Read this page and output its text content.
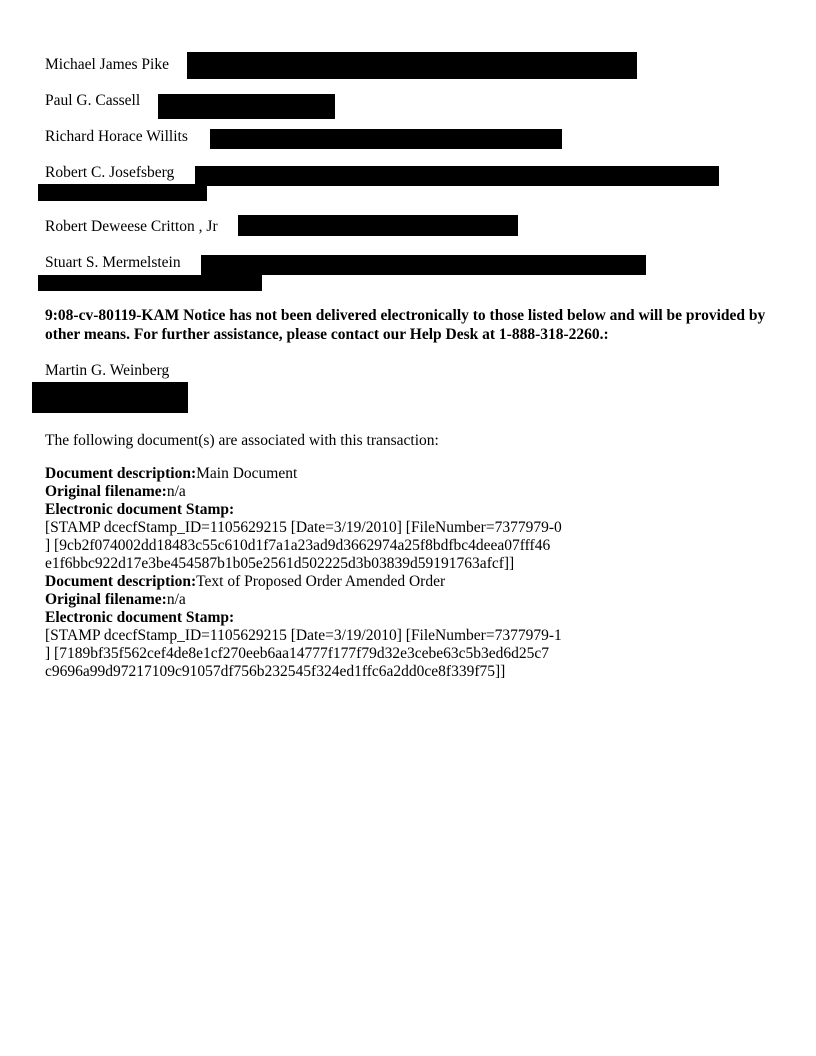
Michael James Pike
Paul G. Cassell
Richard Horace Willits
Robert C. Josefsberg
Robert Deweese Critton , Jr
Stuart S. Mermelstein
9:08-cv-80119-KAM Notice has not been delivered electronically to those listed below and will be provided by other means. For further assistance, please contact our Help Desk at 1-888-318-2260.:
Martin G. Weinberg
The following document(s) are associated with this transaction:
Document description:Main Document
Original filename:n/a
Electronic document Stamp:
[STAMP dcecfStamp_ID=1105629215 [Date=3/19/2010] [FileNumber=7377979-0
] [9cb2f074002dd18483c55c610d1f7a1a23ad9d3662974a25f8bdfbc4deea07fff46
e1f6bbc922d17e3be454587b1b05e2561d502225d3b03839d59191763afcf]]
Document description:Text of Proposed Order Amended Order
Original filename:n/a
Electronic document Stamp:
[STAMP dcecfStamp_ID=1105629215 [Date=3/19/2010] [FileNumber=7377979-1
] [7189bf35f562cef4de8e1cf270eeb6aa14777f177f79d32e3cebe63c5b3ed6d25c7
c9696a99d97217109c91057df756b232545f324ed1ffc6a2dd0ce8f339f75]]
